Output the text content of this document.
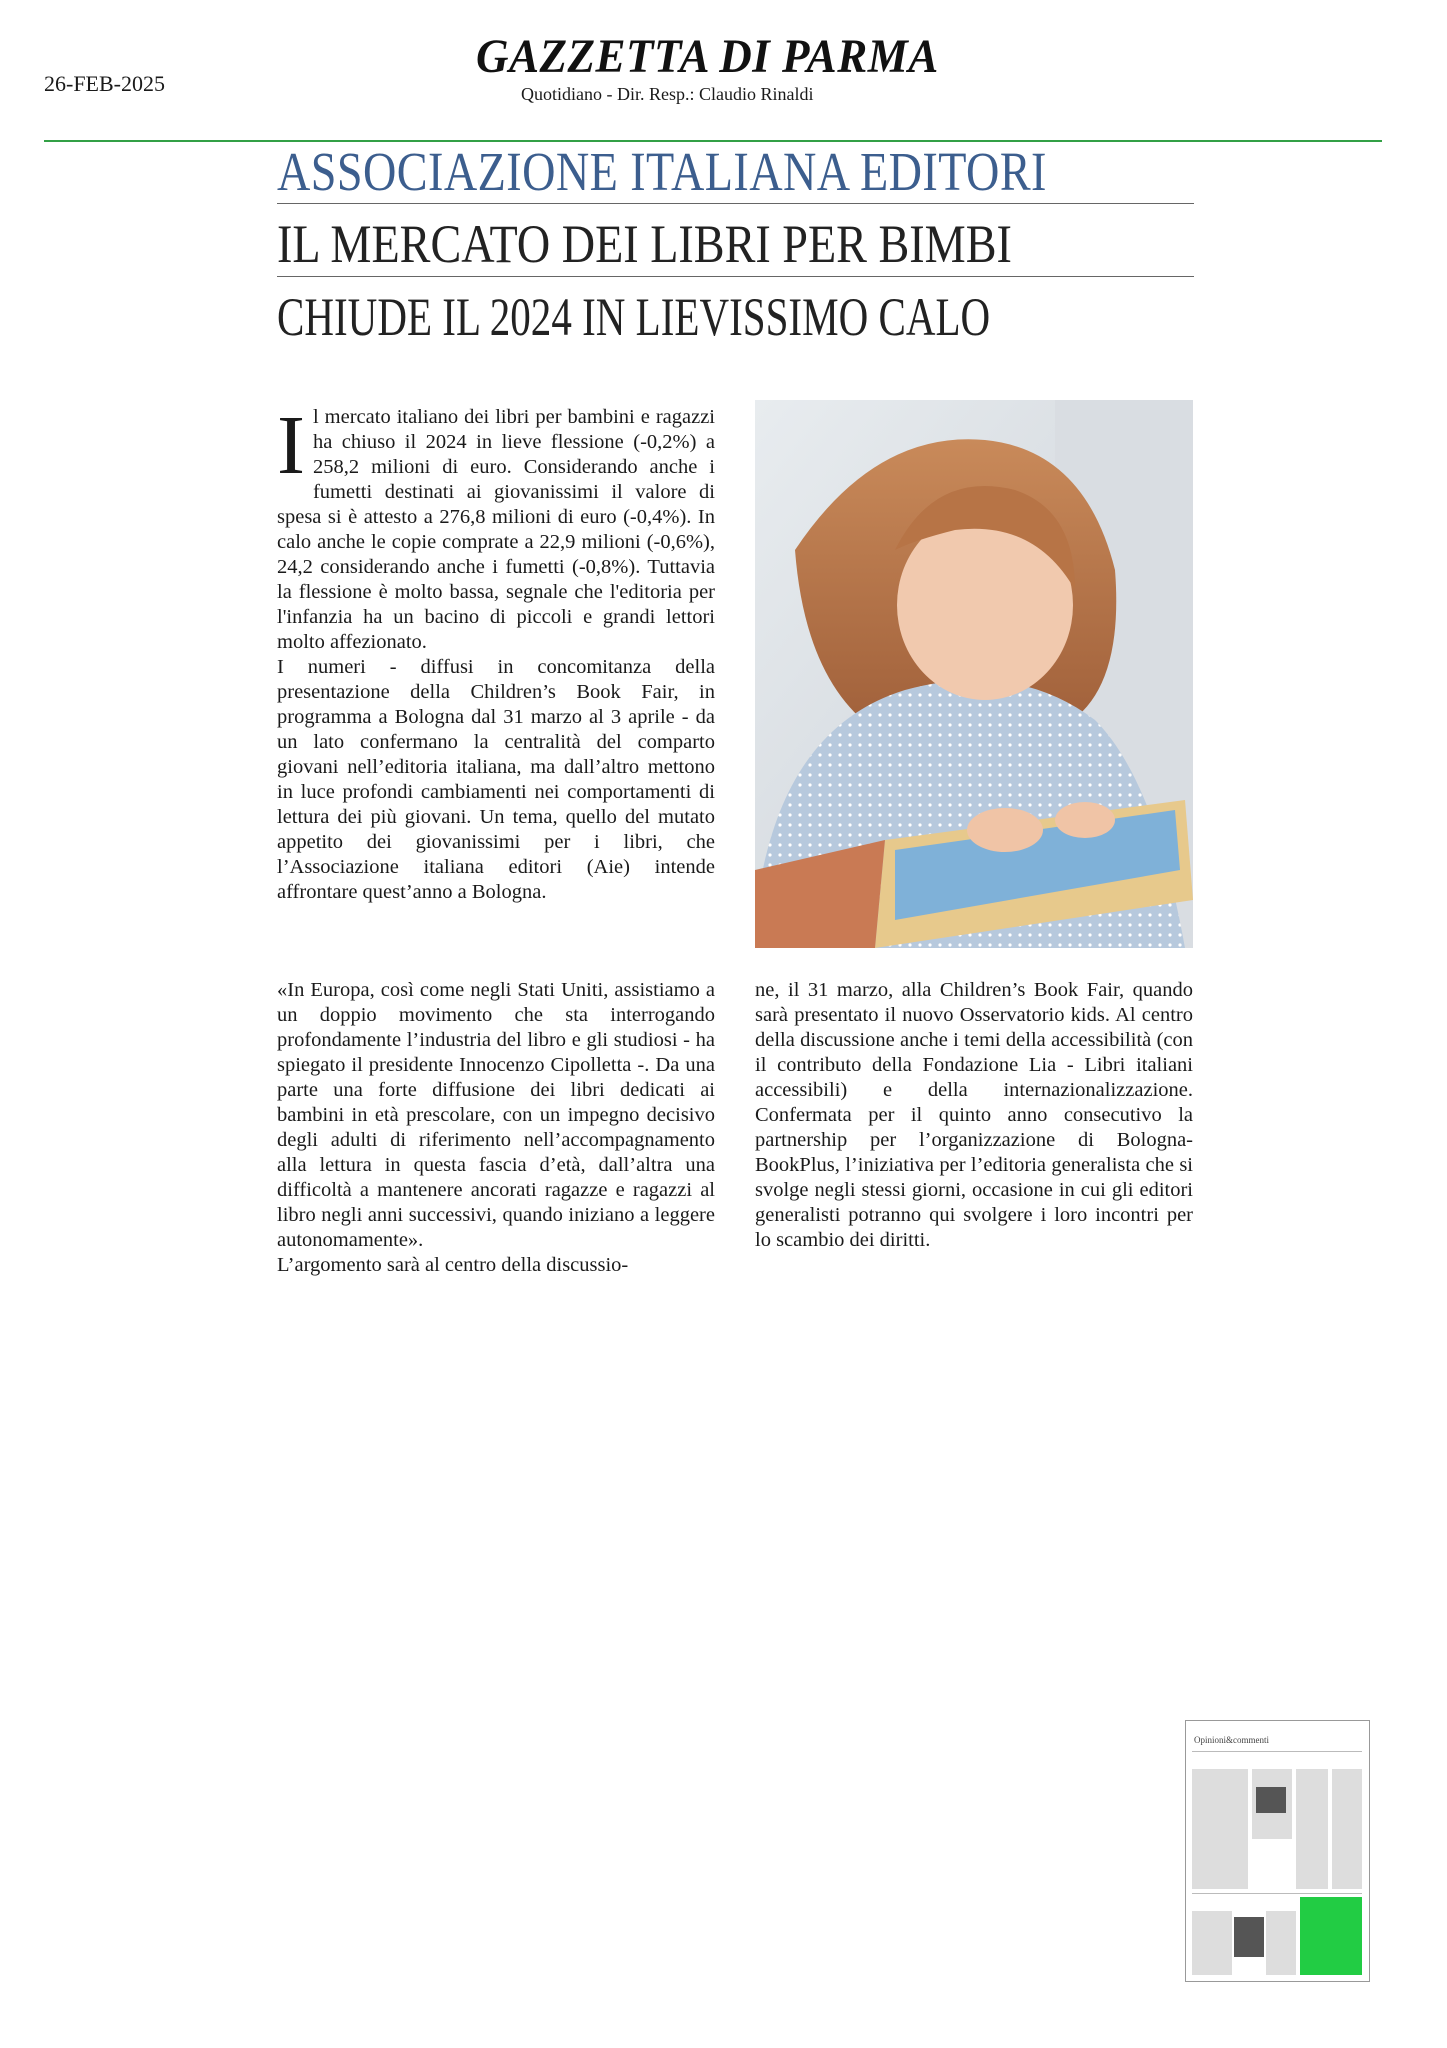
26-FEB-2025
GAZZETTA DI PARMA
Quotidiano - Dir. Resp.: Claudio Rinaldi
ASSOCIAZIONE ITALIANA EDITORI
IL MERCATO DEI LIBRI PER BIMBI
CHIUDE IL 2024 IN LIEVISSIMO CALO
I l mercato italiano dei libri per bambini e ragazzi ha chiuso il 2024 in lieve flessione (-0,2%) a 258,2 milioni di euro. Considerando anche i fumetti destinati ai giovanissimi il valore di spesa si è attesto a 276,8 milioni di euro (-0,4%). In calo anche le copie comprate a 22,9 milioni (-0,6%), 24,2 considerando anche i fumetti (-0,8%). Tuttavia la flessione è molto bassa, segnale che l'editoria per l'infanzia ha un bacino di piccoli e grandi lettori molto affezionato.

I numeri - diffusi in concomitanza della presentazione della Children’s Book Fair, in programma a Bologna dal 31 marzo al 3 aprile - da un lato confermano la centralità del comparto giovani nell’editoria italiana, ma dall’altro mettono in luce profondi cambiamenti nei comportamenti di lettura dei più giovani. Un tema, quello del mutato appetito dei giovanissimi per i libri, che l’Associazione italiana editori (Aie) intende affrontare quest’anno a Bologna.

«In Europa, così come negli Stati Uniti, assistiamo a un doppio movimento che sta interrogando profondamente l’industria del libro e gli studiosi - ha spiegato il presidente Innocenzo Cipolletta -. Da una parte una forte diffusione dei libri dedicati ai bambini in età prescolare, con un impegno decisivo degli adulti di riferimento nell’accompagnamento alla lettura in questa fascia d’età, dall’altra una difficoltà a mantenere ancorati ragazze e ragazzi al libro negli anni successivi, quando iniziano a leggere autonomamente».

L’argomento sarà al centro della discussio-

ne, il 31 marzo, alla Children’s Book Fair, quando sarà presentato il nuovo Osservatorio kids. Al centro della discussione anche i temi della accessibilità (con il contributo della Fondazione Lia - Libri italiani accessibili) e della internazionalizzazione. Confermata per il quinto anno consecutivo la partnership per l’organizzazione di Bologna-BookPlus, l’iniziativa per l’editoria generalista che si svolge negli stessi giorni, occasione in cui gli editori generalisti potranno qui svolgere i loro incontri per lo scambio dei diritti.

Opinioni&commenti
